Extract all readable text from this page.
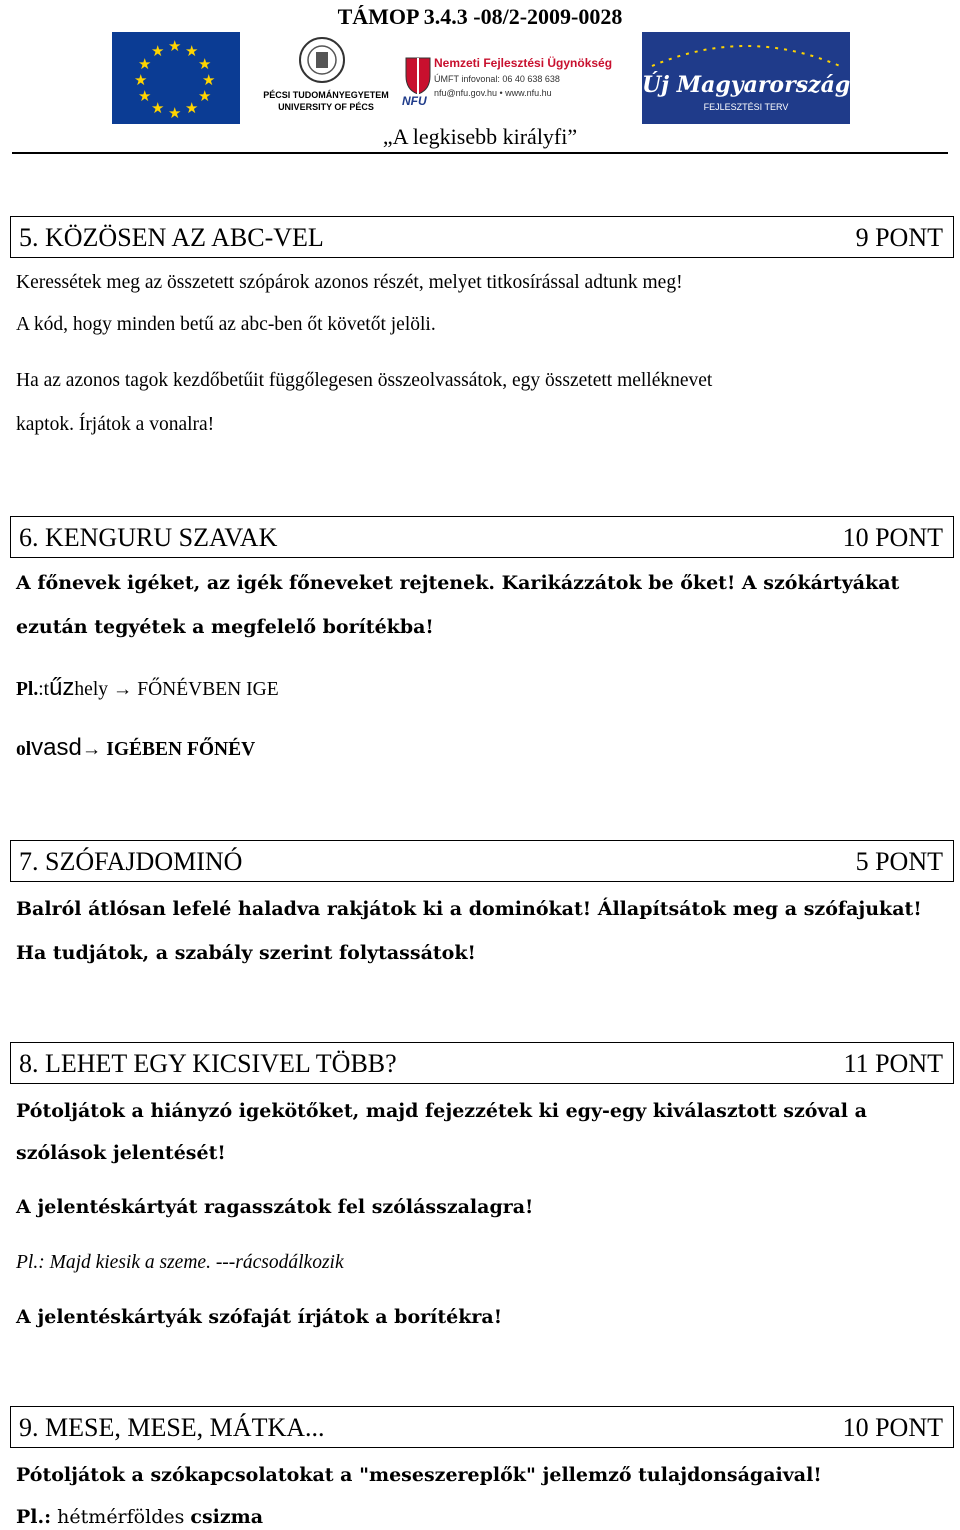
TÁMOP 3.4.3 -08/2-2009-0028
★ ★
★
★
★
★
★
★
★
★
★
★
PÉCSI TUDOMÁNYEGYETEM
UNIVERSITY OF PÉCS	NFU
Nemzeti Fejlesztési Ügynökség
ÚMFT infovonal: 06 40 638 638
nfu@nfu.gov.hu • www.nfu.hu	Új Magyarország
FEJLESZTÉSI TERV
„A legkisebb királyfi”
5. KÖZÖSEN AZ ABC-VEL	9 PONT
Keressétek meg az összetett szópárok azonos részét, melyet titkosírással adtunk meg!
A kód, hogy minden betű az abc-ben őt követőt jelöli.
Ha az azonos tagok kezdőbetűit függőlegesen összeolvassátok, egy összetett melléknevet
kaptok. Írjátok a vonalra!
6. KENGURU SZAVAK	10 PONT
A főnevek igéket, az igék főneveket rejtenek. Karikázzátok be őket! A szókártyákat
ezután tegyétek a megfelelő borítékba!
Pl.:tűzhely → FŐNÉVBEN IGE
olvasd→ IGÉBEN FŐNÉV
7. SZÓFAJDOMINÓ	5 PONT
Balról átlósan lefelé haladva rakjátok ki a dominókat! Állapítsátok meg a szófajukat!
Ha tudjátok, a szabály szerint folytassátok!
8. LEHET EGY KICSIVEL TÖBB?	11 PONT
Pótoljátok a hiányzó igekötőket, majd fejezzétek ki egy-egy kiválasztott szóval a
szólások jelentését!
A jelentéskártyát ragasszátok fel szólásszalagra!
Pl.: Majd kiesik a szeme. ---rácsodálkozik
A jelentéskártyák szófaját írjátok a borítékra!
9. MESE, MESE, MÁTKA...	10 PONT
Pótoljátok a szókapcsolatokat a "meseszereplők" jellemző tulajdonságaival!
Pl.: hétmérföldes csizma
